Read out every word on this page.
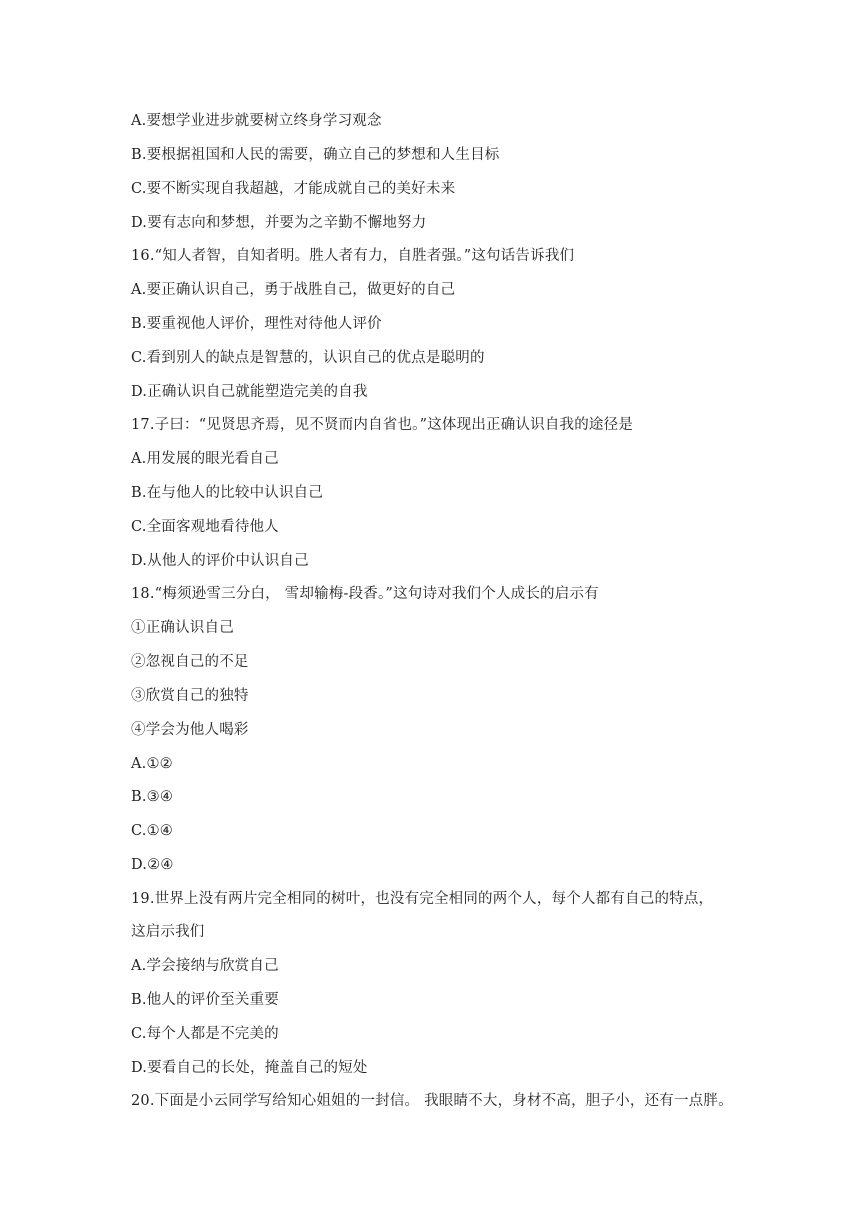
A.要想学业进步就要树立终身学习观念
B.要根据祖国和人民的需要，确立自己的梦想和人生目标
C.要不断实现自我超越，才能成就自己的美好未来
D.要有志向和梦想，并要为之辛勤不懈地努力
16.“知人者智，自知者明。胜人者有力，自胜者强。”这句话告诉我们
A.要正确认识自己，勇于战胜自己，做更好的自己
B.要重视他人评价，理性对待他人评价
C.看到别人的缺点是智慧的，认识自己的优点是聪明的
D.正确认识自己就能塑造完美的自我
17.子曰：“见贤思齐焉，见不贤而内自省也。”这体现出正确认识自我的途径是
A.用发展的眼光看自己
B.在与他人的比较中认识自己
C.全面客观地看待他人
D.从他人的评价中认识自己
18.“梅须逊雪三分白， 雪却输梅-段香。”这句诗对我们个人成长的启示有
①正确认识自己
②忽视自己的不足
③欣赏自己的独特
④学会为他人喝彩
A.①②
B.③④
C.①④
D.②④
19.世界上没有两片完全相同的树叶，也没有完全相同的两个人，每个人都有自己的特点，
这启示我们
A.学会接纳与欣赏自己
B.他人的评价至关重要
C.每个人都是不完美的
D.要看自己的长处，掩盖自己的短处
20.下面是小云同学写给知心姐姐的一封信。 我眼睛不大，身材不高，胆子小，还有一点胖。
